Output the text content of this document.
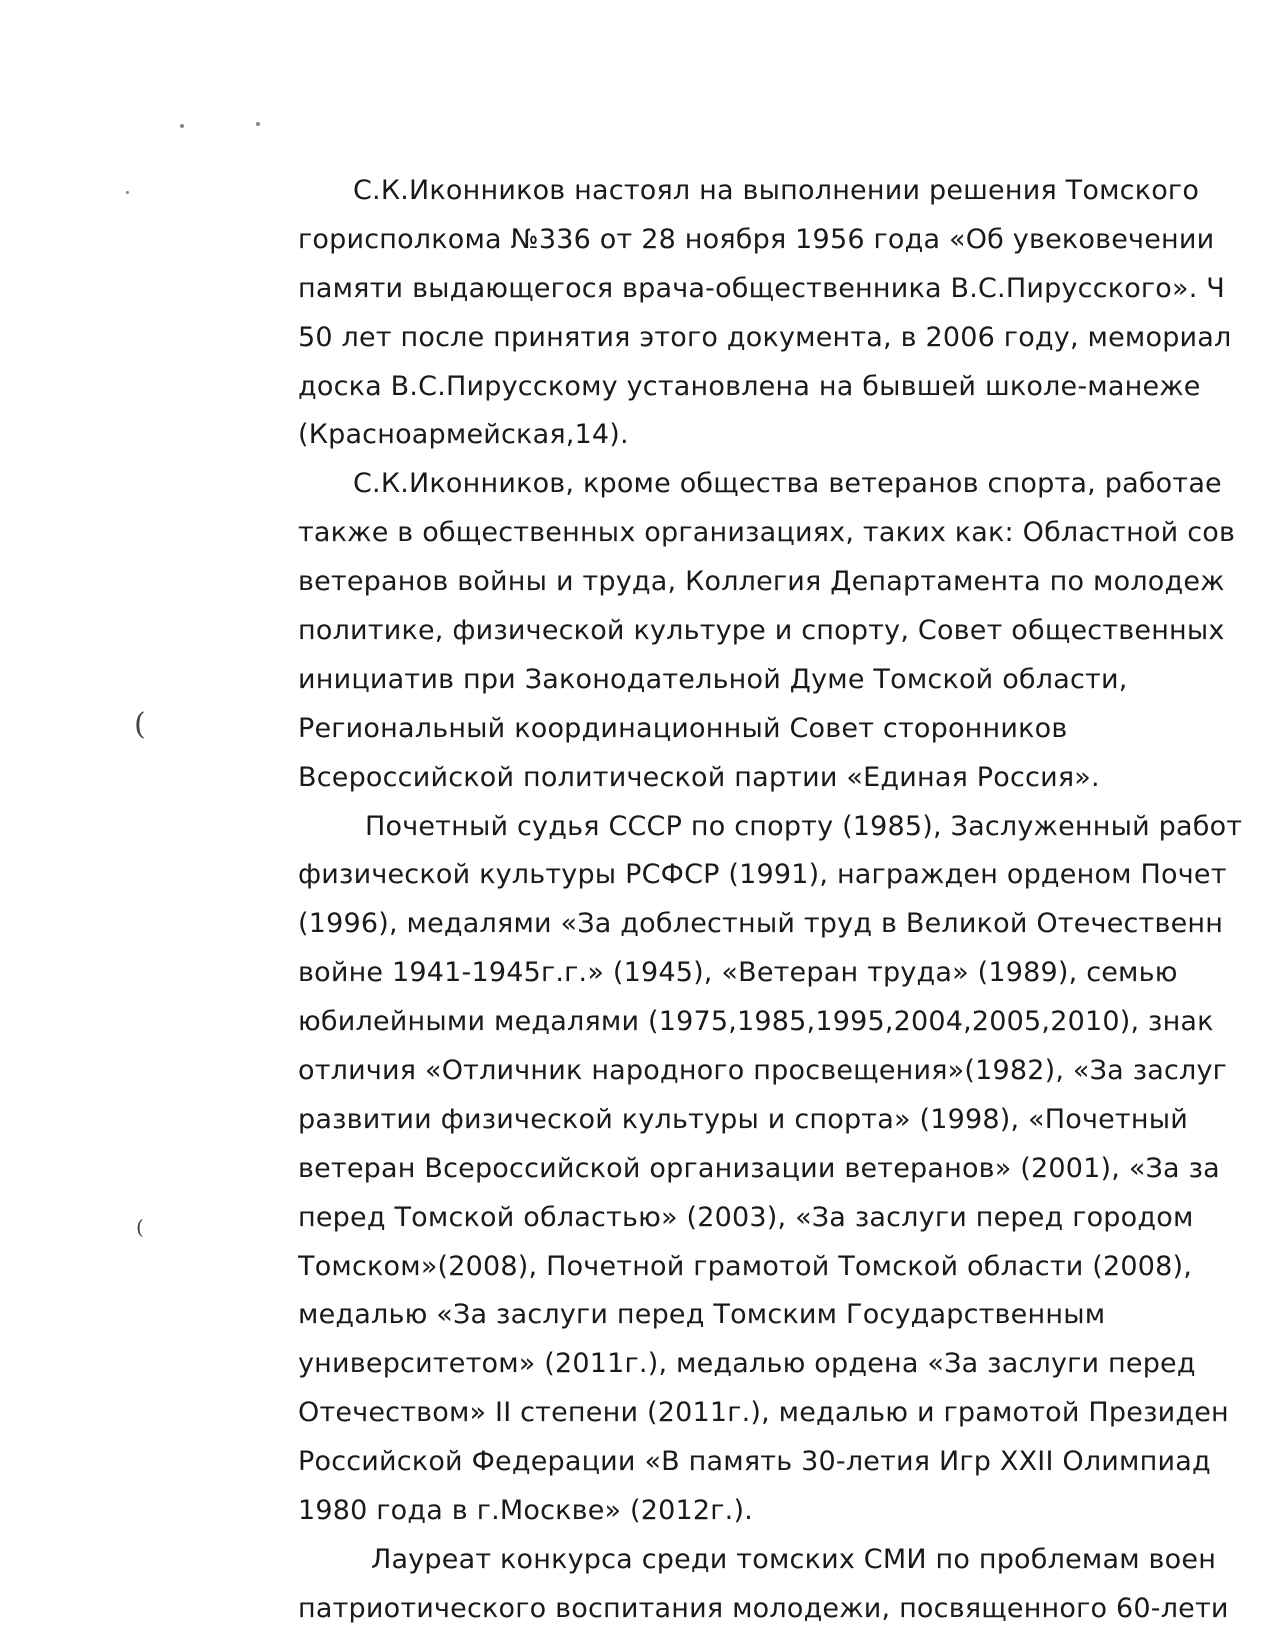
(
(
С.К.Иконников настоял на выполнении решения Томского
горисполкома №336 от 28 ноября 1956 года «Об увековечении
памяти выдающегося врача-общественника В.С.Пирусского». Ч
50 лет после принятия этого документа, в 2006 году, мемориал
доска В.С.Пирусскому установлена на бывшей школе-манеже
(Красноармейская,14).
С.К.Иконников, кроме общества ветеранов спорта, работае
также в общественных организациях, таких как: Областной сов
ветеранов войны и труда, Коллегия Департамента по молодеж
политике, физической культуре и спорту, Совет общественных
инициатив при Законодательной Думе Томской области,
Региональный координационный Совет сторонников
Всероссийской политической партии «Единая Россия».
Почетный судья СССР по спорту (1985), Заслуженный работ
физической культуры РСФСР (1991), награжден орденом Почет
(1996), медалями «За доблестный труд в Великой Отечественн
войне 1941-1945г.г.» (1945), «Ветеран труда» (1989), семью
юбилейными медалями (1975,1985,1995,2004,2005,2010), знак
отличия «Отличник народного просвещения»(1982), «За заслуг
развитии физической культуры и спорта» (1998), «Почетный
ветеран Всероссийской организации ветеранов» (2001), «За за
перед Томской областью» (2003), «За заслуги перед городом
Томском»(2008), Почетной грамотой Томской области (2008),
медалью «За заслуги перед Томским Государственным
университетом» (2011г.), медалью ордена «За заслуги перед
Отечеством» II степени (2011г.), медалью и грамотой Президен
Российской Федерации «В память 30-летия Игр XXII Олимпиад
1980 года в г.Москве» (2012г.).
Лауреат конкурса среди томских СМИ по проблемам воен
патриотического воспитания молодежи, посвященного 60-лети
